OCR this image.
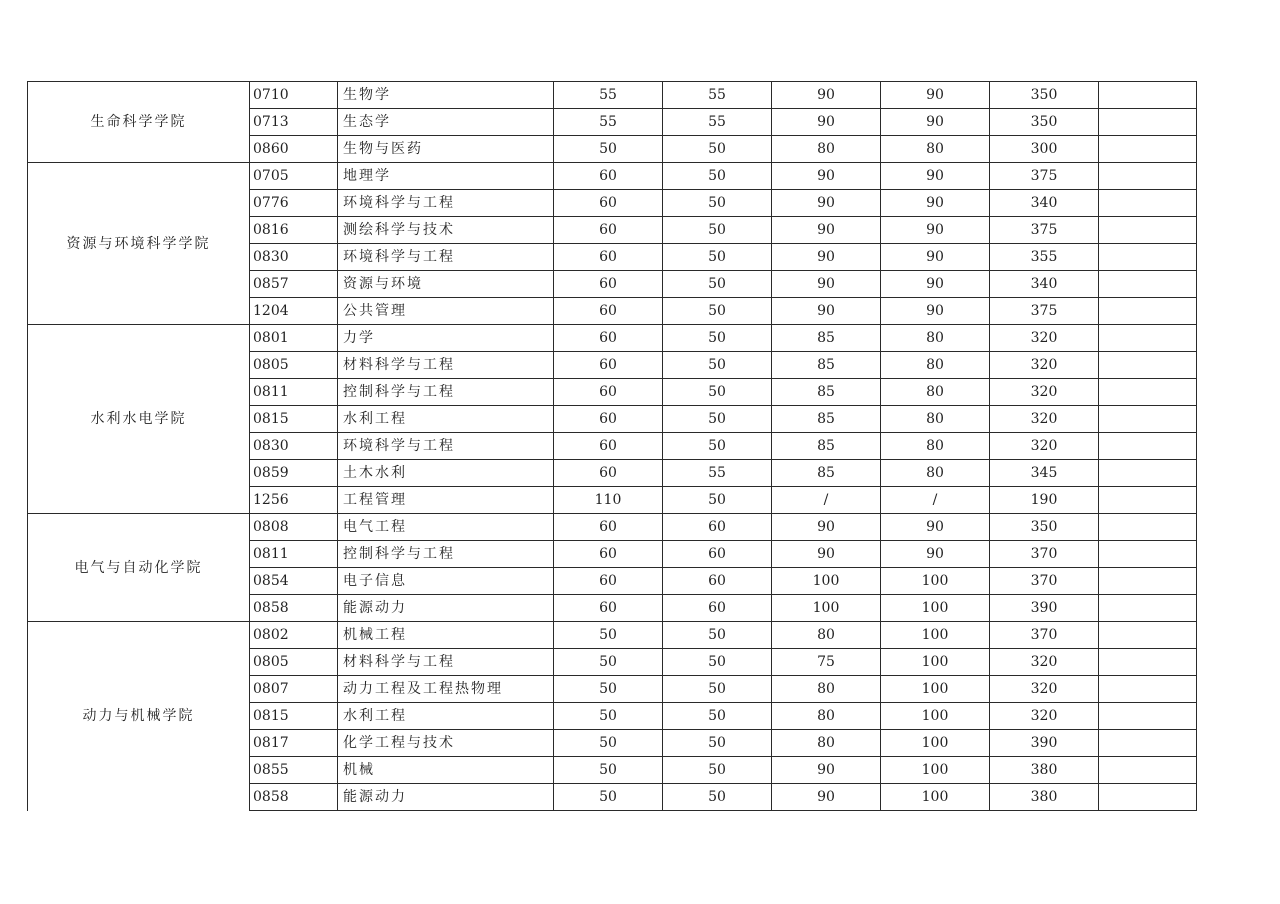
生命科学学院	0710	生物学	55	55	90	90	350	
	0713	生态学	55	55	90	90	350	
	0860	生物与医药	50	50	80	80	300	
资源与环境科学学院	0705	地理学	60	50	90	90	375	
	0776	环境科学与工程	60	50	90	90	340	
	0816	测绘科学与技术	60	50	90	90	375	
	0830	环境科学与工程	60	50	90	90	355	
	0857	资源与环境	60	50	90	90	340	
	1204	公共管理	60	50	90	90	375	
水利水电学院	0801	力学	60	50	85	80	320	
	0805	材料科学与工程	60	50	85	80	320	
	0811	控制科学与工程	60	50	85	80	320	
	0815	水利工程	60	50	85	80	320	
	0830	环境科学与工程	60	50	85	80	320	
	0859	土木水利	60	55	85	80	345	
	1256	工程管理	110	50	/	/	190	
电气与自动化学院	0808	电气工程	60	60	90	90	350	
	0811	控制科学与工程	60	60	90	90	370	
	0854	电子信息	60	60	100	100	370	
	0858	能源动力	60	60	100	100	390	
动力与机械学院	0802	机械工程	50	50	80	100	370	
	0805	材料科学与工程	50	50	75	100	320	
	0807	动力工程及工程热物理	50	50	80	100	320	
	0815	水利工程	50	50	80	100	320	
	0817	化学工程与技术	50	50	80	100	390	
	0855	机械	50	50	90	100	380	
	0858	能源动力	50	50	90	100	380	
